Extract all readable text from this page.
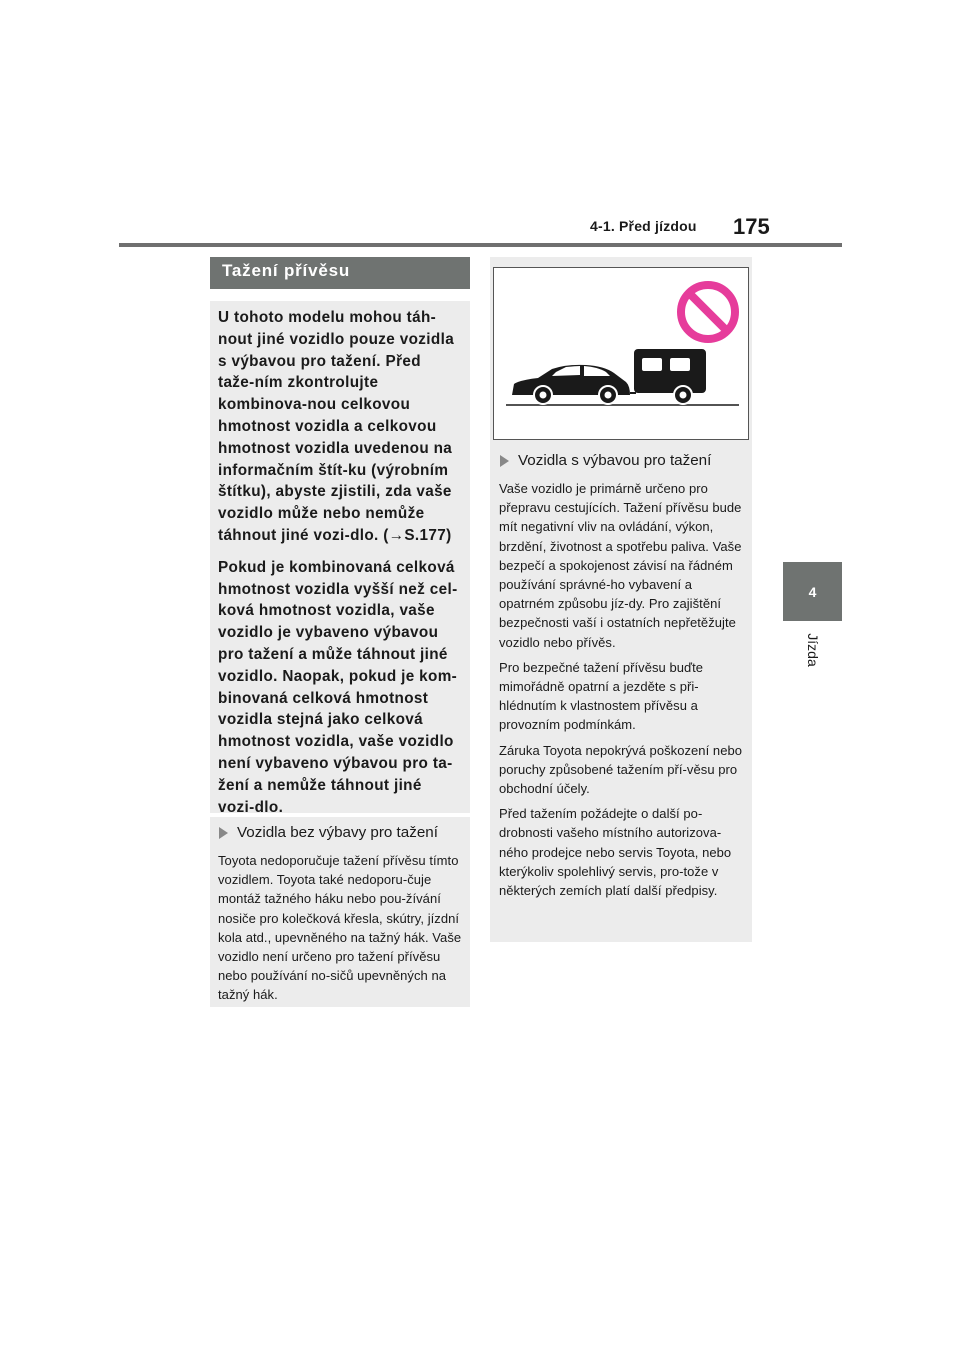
4-1. Před jízdou 175
4
Jízda
Tažení přívěsu

U tohoto modelu mohou táh-nout jiné vozidlo pouze vozidla s výbavou pro tažení. Před tažе-ním zkontrolujte kombinova-nou celkovou hmotnost vozidla a celkovou hmotnost vozidla uvedenou na informačním štít-ku (výrobním štítku), abyste zjistili, zda vaše vozidlo může nebo nemůže táhnout jiné vozi-dlo. (→S.177)

Pokud je kombinovaná celková hmotnost vozidla vyšší než cel-ková hmotnost vozidla, vaše vozidlo je vybaveno výbavou pro tažení a může táhnout jiné vozidlo. Naopak, pokud je kom-binovaná celková hmotnost vozidla stejná jako celková hmotnost vozidla, vaše vozidlo není vybaveno výbavou pro ta-žení a nemůže táhnout jiné vozi-dlo.

Vozidla bez výbavy pro tažení
Toyota nedoporučuje tažení přívěsu tímto vozidlem. Toyota také nedoporu-čuje montáž tažného háku nebo pou-žívání nosiče pro kolečková křesla, skútry, jízdní kola atd., upevněného na tažný hák. Vaše vozidlo není určeno pro tažení přívěsu nebo používání no-sičů upevněných na tažný hák.
Vozidla s výbavou pro tažení
Vaše vozidlo je primárně určeno pro přepravu cestujících. Tažení přívěsu bude mít negativní vliv na ovládání, výkon, brzdění, životnost a spotřebu paliva. Vaše bezpečí a spokojenost závisí na řádném používání správné-ho vybavení a opatrném způsobu jíz-dy. Pro zajištění bezpečnosti vaší i ostatních nepřetěžujte vozidlo nebo přívěs.
Pro bezpečné tažení přívěsu buďte mimořádně opatrní a jezděte s při-hlédnutím k vlastnostem přívěsu a provozním podmínkám.
Záruka Toyota nepokrývá poškození nebo poruchy způsobené tažením pří-věsu pro obchodní účely.
Před tažením požádejte o další po-drobnosti vašeho místního autorizova-ného prodejce nebo servis Toyota, nebo kterýkoliv spolehlivý servis, pro-tože v některých zemích platí další předpisy.
